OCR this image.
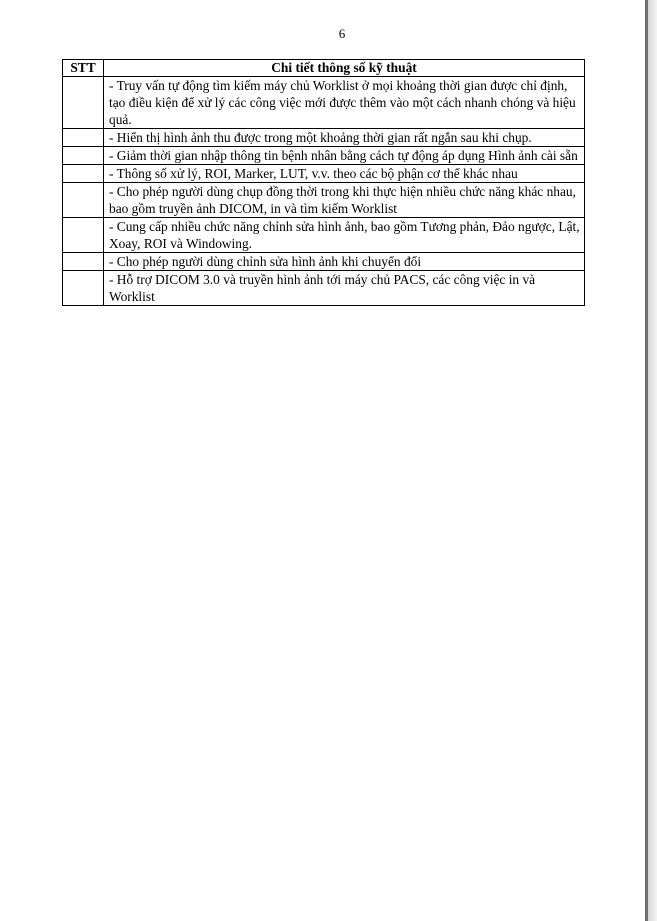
6
STT	Chi tiết thông số kỹ thuật
	- Truy vấn tự động tìm kiếm máy chủ Worklist ở mọi khoảng thời gian được chỉ định, tạo điều kiện để xử lý các công việc mới được thêm vào một cách nhanh chóng và hiệu quả.
	- Hiển thị hình ảnh thu được trong một khoảng thời gian rất ngắn sau khi chụp.
	- Giảm thời gian nhập thông tin bệnh nhân bằng cách tự động áp dụng Hình ảnh cài sẵn
	- Thông số xử lý, ROI, Marker, LUT, v.v. theo các bộ phận cơ thể khác nhau
	- Cho phép người dùng chụp đồng thời trong khi thực hiện nhiều chức năng khác nhau, bao gồm truyền ảnh DICOM, in và tìm kiếm Worklist
	- Cung cấp nhiều chức năng chỉnh sửa hình ảnh, bao gồm Tương phản, Đảo ngược, Lật, Xoay, ROI và Windowing.
	- Cho phép người dùng chỉnh sửa hình ảnh khi chuyển đổi
	- Hỗ trợ DICOM 3.0 và truyền hình ảnh tới máy chủ PACS, các công việc in và Worklist
